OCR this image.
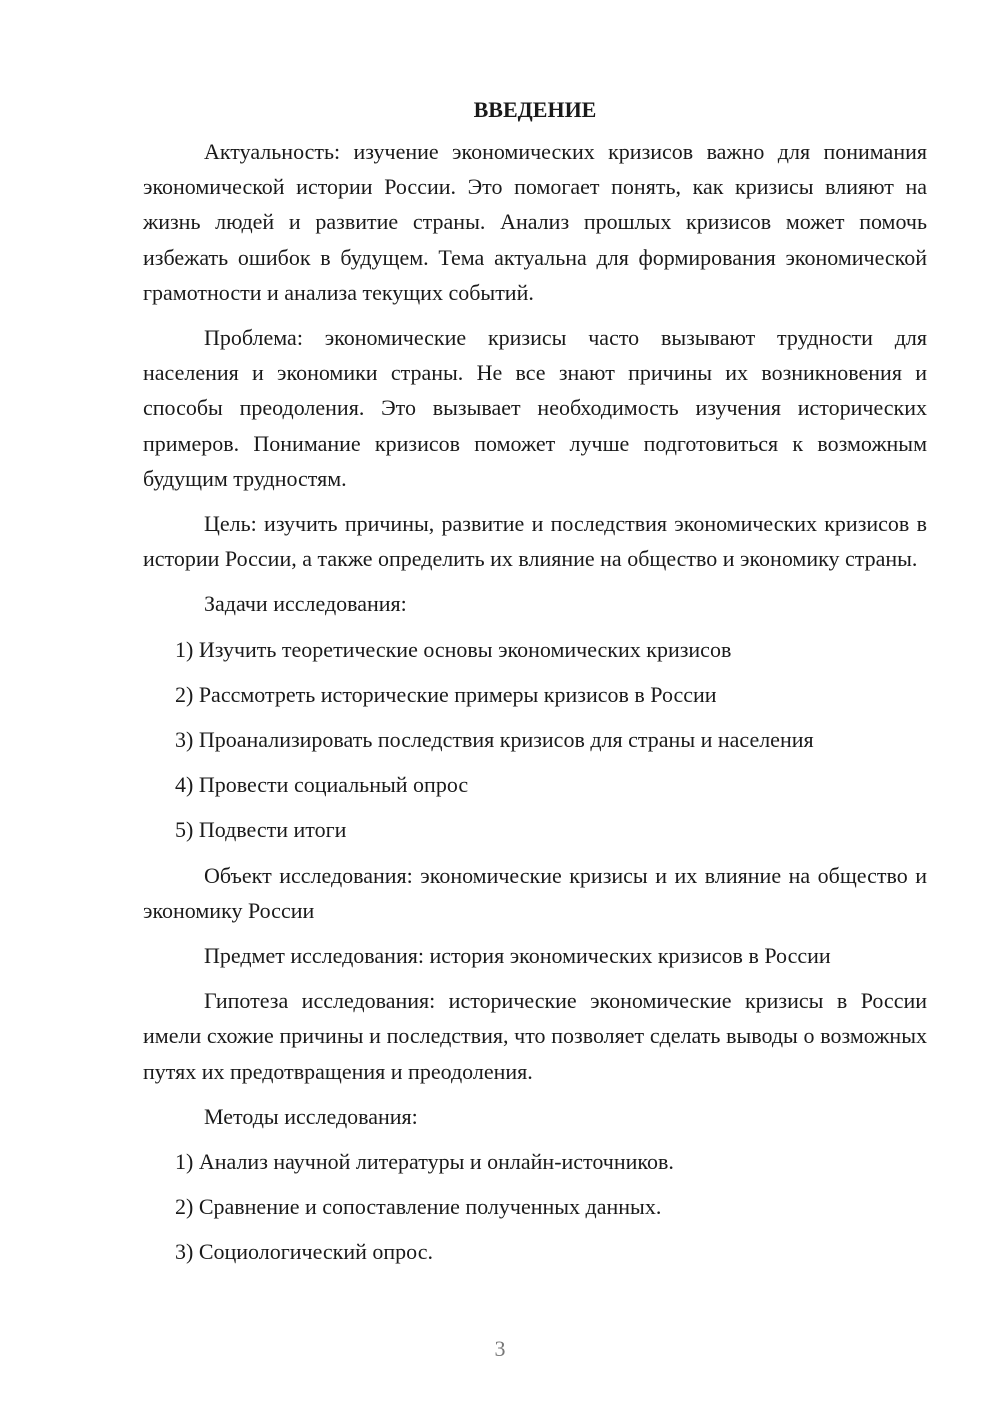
ВВЕДЕНИЕ

Актуальность: изучение экономических кризисов важно для понимания экономической истории России. Это помогает понять, как кризисы влияют на жизнь людей и развитие страны. Анализ прошлых кризисов может помочь избежать ошибок в будущем. Тема актуальна для формирования экономической грамотности и анализа текущих событий.

Проблема: экономические кризисы часто вызывают трудности для населения и экономики страны. Не все знают причины их возникновения и способы преодоления. Это вызывает необходимость изучения исторических примеров. Понимание кризисов поможет лучше подготовиться к возможным будущим трудностям.

Цель: изучить причины, развитие и последствия экономических кризисов в истории России, а также определить их влияние на общество и экономику страны.

Задачи исследования:

1) Изучить теоретические основы экономических кризисов

2) Рассмотреть исторические примеры кризисов в России

3) Проанализировать последствия кризисов для страны и населения

4) Провести социальный опрос

5) Подвести итоги

Объект исследования: экономические кризисы и их влияние на общество и экономику России

Предмет исследования: история экономических кризисов в России

Гипотеза исследования: исторические экономические кризисы в России имели схожие причины и последствия, что позволяет сделать выводы о возможных путях их предотвращения и преодоления.

Методы исследования:

1) Анализ научной литературы и онлайн-источников.

2) Сравнение и сопоставление полученных данных.

3) Социологический опрос.

3
